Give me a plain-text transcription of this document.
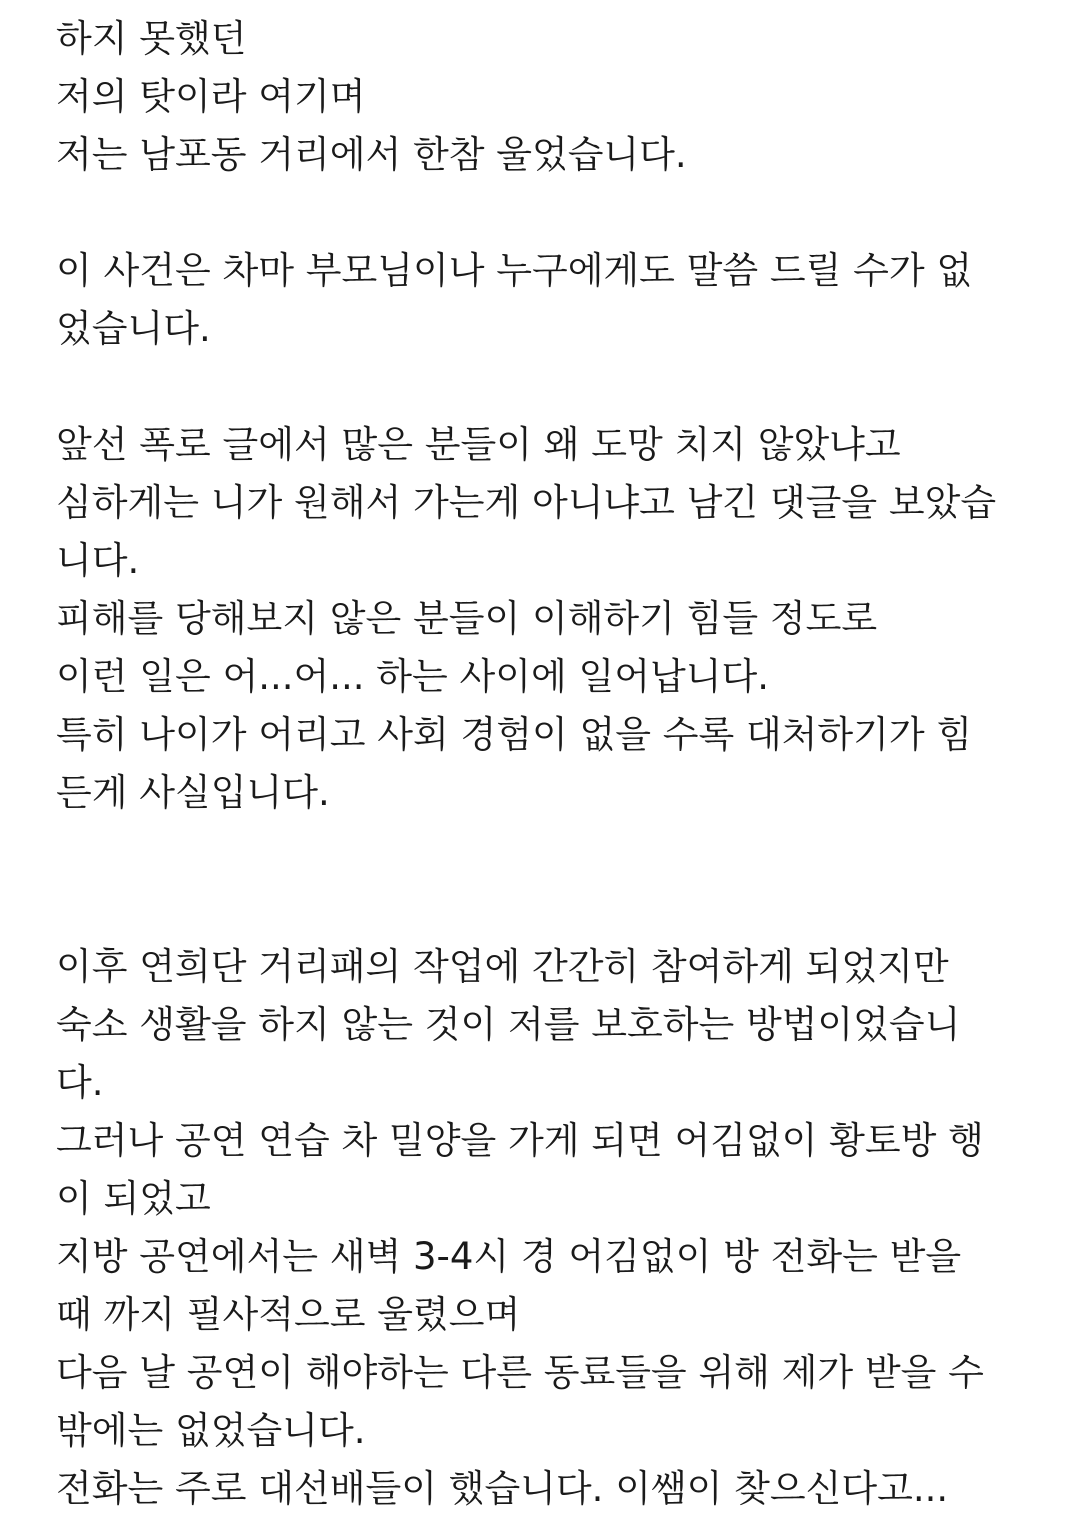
하지 못했던
저의 탓이라 여기며
저는 남포동 거리에서 한참 울었습니다.
이 사건은 차마 부모님이나 누구에게도 말씀 드릴 수가 없
었습니다.
앞선 폭로 글에서 많은 분들이 왜 도망 치지 않았냐고
심하게는 니가 원해서 가는게 아니냐고 남긴 댓글을 보았습
니다.
피해를 당해보지 않은 분들이 이해하기 힘들 정도로
이런 일은 어...어... 하는 사이에 일어납니다.
특히 나이가 어리고 사회 경험이 없을 수록 대처하기가 힘
든게 사실입니다.
이후 연희단 거리패의 작업에 간간히 참여하게 되었지만
숙소 생활을 하지 않는 것이 저를 보호하는 방법이었습니
다.
그러나 공연 연습 차 밀양을 가게 되면 어김없이 황토방 행
이 되었고
지방 공연에서는 새벽 3-4시 경 어김없이 방 전화는 받을
때 까지 필사적으로 울렸으며
다음 날 공연이 해야하는 다른 동료들을 위해 제가 받을 수
밖에는 없었습니다.
전화는 주로 대선배들이 했습니다. 이쌤이 찾으신다고...
